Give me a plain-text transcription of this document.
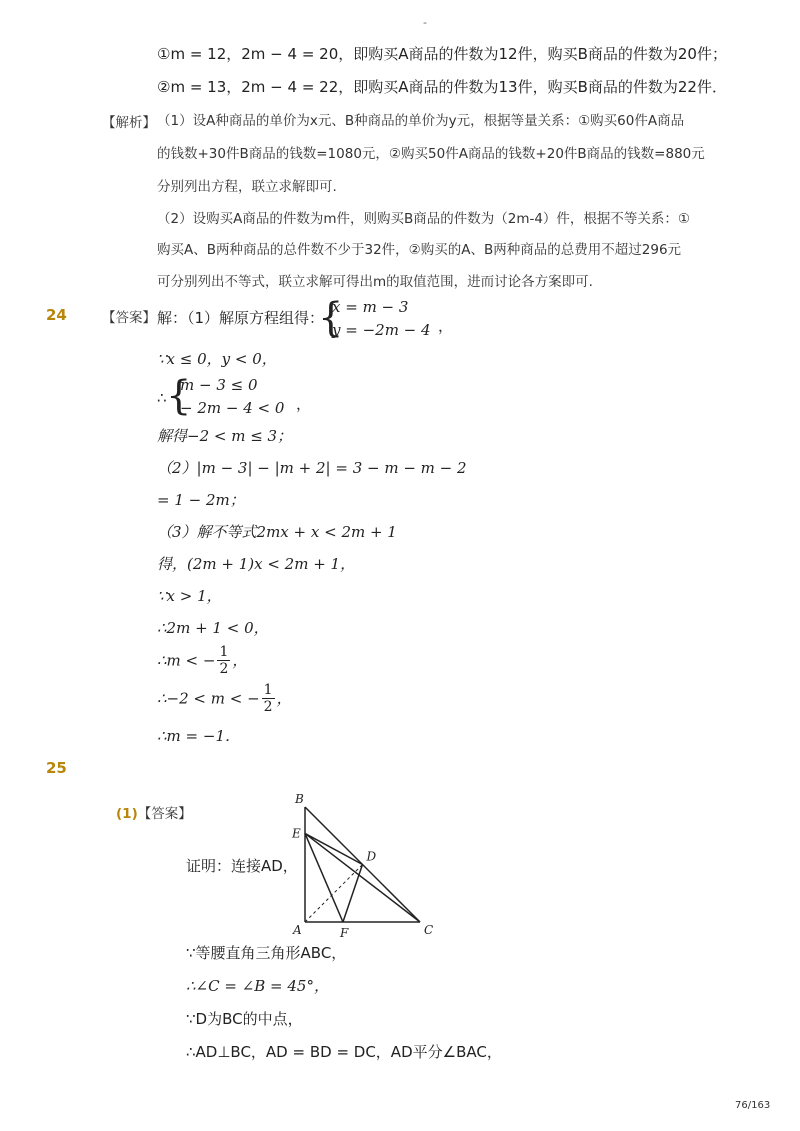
-
①m = 12，2m − 4 = 20，即购买A商品的件数为12件，购买B商品的件数为20件；
②m = 13，2m − 4 = 22，即购买A商品的件数为13件，购买B商品的件数为22件．
【解析】 （1）设A种商品的单价为x元、B种商品的单价为y元，根据等量关系：①购买60件A商品
的钱数+30件B商品的钱数=1080元，②购买50件A商品的钱数+20件B商品的钱数=880元
分别列出方程，联立求解即可.
（2）设购买A商品的件数为m件，则购买B商品的件数为（2m-4）件，根据不等关系：①
购买A、B两种商品的总件数不少于32件，②购买的A、B两种商品的总费用不超过296元
可分别列出不等式，联立求解可得出m的取值范围，进而讨论各方案即可.
24	【答案】 解：（1）解原方程组得：
{
x = m − 3
y = −2m − 4 ，
∵x ≤ 0，y < 0，
∴ {
m − 3 ≤ 0
− 2m − 4 < 0 ，
解得−2 < m ≤ 3；
（2）|m − 3| − |m + 2| = 3 − m − m − 2
= 1 − 2m；
（3）解不等式2mx + x < 2m + 1
得，(2m + 1)x < 2m + 1，
∵x > 1，
∴2m + 1 < 0，
∴m < − $\frac{1}{2}$ ，
∴−2 < m < − $\frac{1}{2}$ ，
∴m = −1．
25
(1)【答案】
证明：连接AD，
A
B
C
D
E
F
∵等腰直角三角形ABC，
∴∠C = ∠B = 45°，
∵D为BC的中点，
∴AD⊥BC，AD = BD = DC，AD平分∠BAC，
76/163
